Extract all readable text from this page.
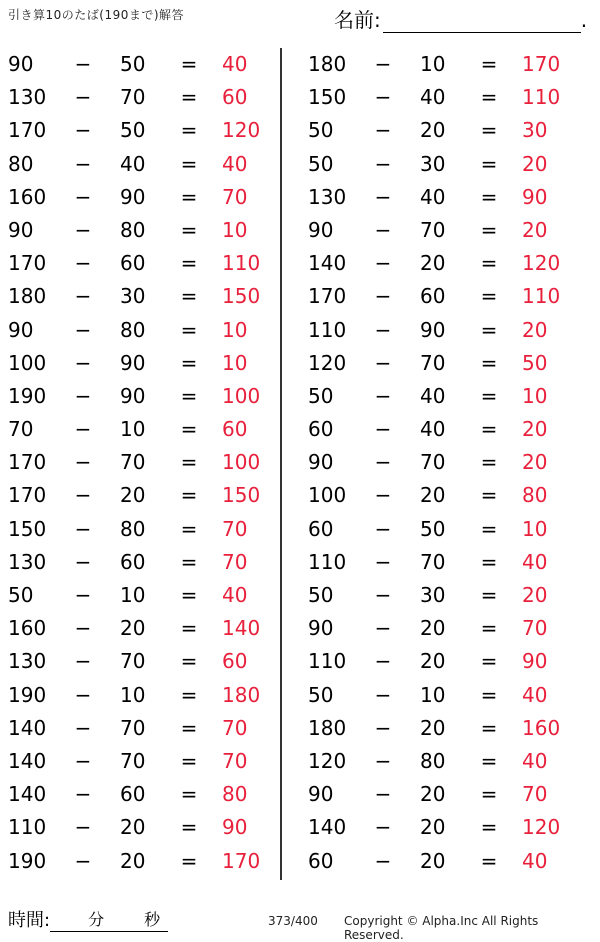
引き算10のたば(190まで)解答	名前:	.
90	− 50	= 40
130	− 70	= 60
170	− 50	= 120
80	− 40	= 40
160	− 90	= 70
90	− 80	= 10
170	− 60	= 110
180	− 30	= 150
90	− 80	= 10
100	− 90	= 10
190	− 90	= 100
70	− 10	= 60
170	− 70	= 100
170	− 20	= 150
150	− 80	= 70
130	− 60	= 70
50	− 10	= 40
160	− 20	= 140
130	− 70	= 60
190	− 10	= 180
140	− 70	= 70
140	− 70	= 70
140	− 60	= 80
110	− 20	= 90
190	− 20	= 170
180	− 10	= 170
150	− 40	= 110
50	− 20	= 30
50	− 30	= 20
130	− 40	= 90
90	− 70	= 20
140	− 20	= 120
170	− 60	= 110
110	− 90	= 20
120	− 70	= 50
50	− 40	= 10
60	− 40	= 20
90	− 70	= 20
100	− 20	= 80
60	− 50	= 10
110	− 70	= 40
50	− 30	= 20
90	− 20	= 70
110	− 20	= 90
50	− 10	= 40
180	− 20	= 160
120	− 80	= 40
90	− 20	= 70
140	− 20	= 120
60	− 20	= 40
時間: 分 秒	373/400 Copyright © Alpha.Inc All Rights Reserved.
